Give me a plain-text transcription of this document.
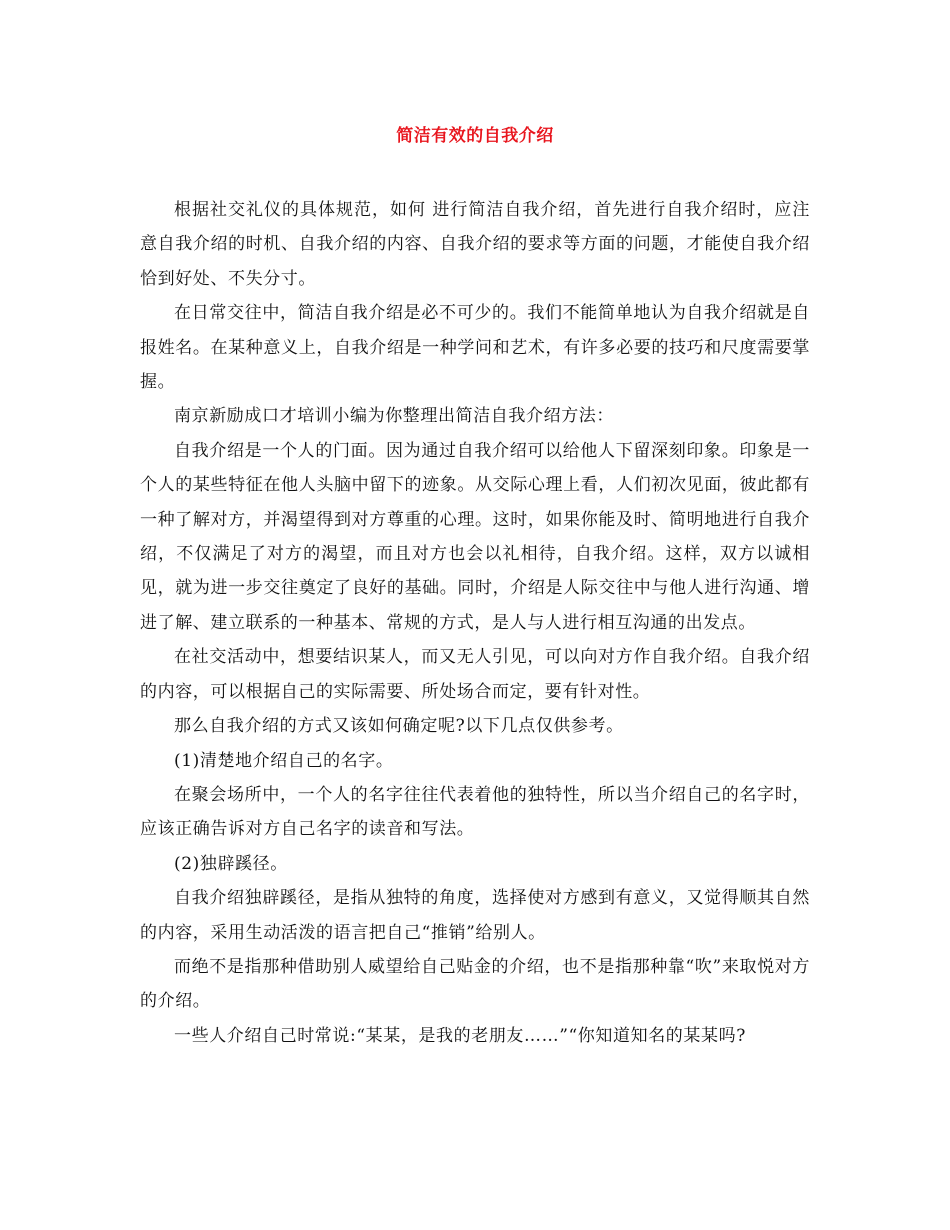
简洁有效的自我介绍

根据社交礼仪的具体规范，如何 进行简洁自我介绍，首先进行自我介绍时，应注意自我介绍的时机、自我介绍的内容、自我介绍的要求等方面的问题，才能使自我介绍恰到好处、不失分寸。

在日常交往中，简洁自我介绍是必不可少的。我们不能简单地认为自我介绍就是自报姓名。在某种意义上，自我介绍是一种学问和艺术，有许多必要的技巧和尺度需要掌握。

南京新励成口才培训小编为你整理出简洁自我介绍方法：

自我介绍是一个人的门面。因为通过自我介绍可以给他人下留深刻印象。印象是一个人的某些特征在他人头脑中留下的迹象。从交际心理上看，人们初次见面，彼此都有一种了解对方，并渴望得到对方尊重的心理。这时，如果你能及时、简明地进行自我介绍，不仅满足了对方的渴望，而且对方也会以礼相待，自我介绍。这样，双方以诚相见，就为进一步交往奠定了良好的基础。同时，介绍是人际交往中与他人进行沟通、增进了解、建立联系的一种基本、常规的方式，是人与人进行相互沟通的出发点。

在社交活动中，想要结识某人，而又无人引见，可以向对方作自我介绍。自我介绍的内容，可以根据自己的实际需要、所处场合而定，要有针对性。

那么自我介绍的方式又该如何确定呢?以下几点仅供参考。

(1)清楚地介绍自己的名字。

在聚会场所中，一个人的名字往往代表着他的独特性，所以当介绍自己的名字时，应该正确告诉对方自己名字的读音和写法。

(2)独辟蹊径。

自我介绍独辟蹊径，是指从独特的角度，选择使对方感到有意义，又觉得顺其自然的内容，采用生动活泼的语言把自己“推销”给别人。

而绝不是指那种借助别人威望给自己贴金的介绍，也不是指那种靠“吹”来取悦对方的介绍。

一些人介绍自己时常说:“某某，是我的老朋友……”“你知道知名的某某吗?
